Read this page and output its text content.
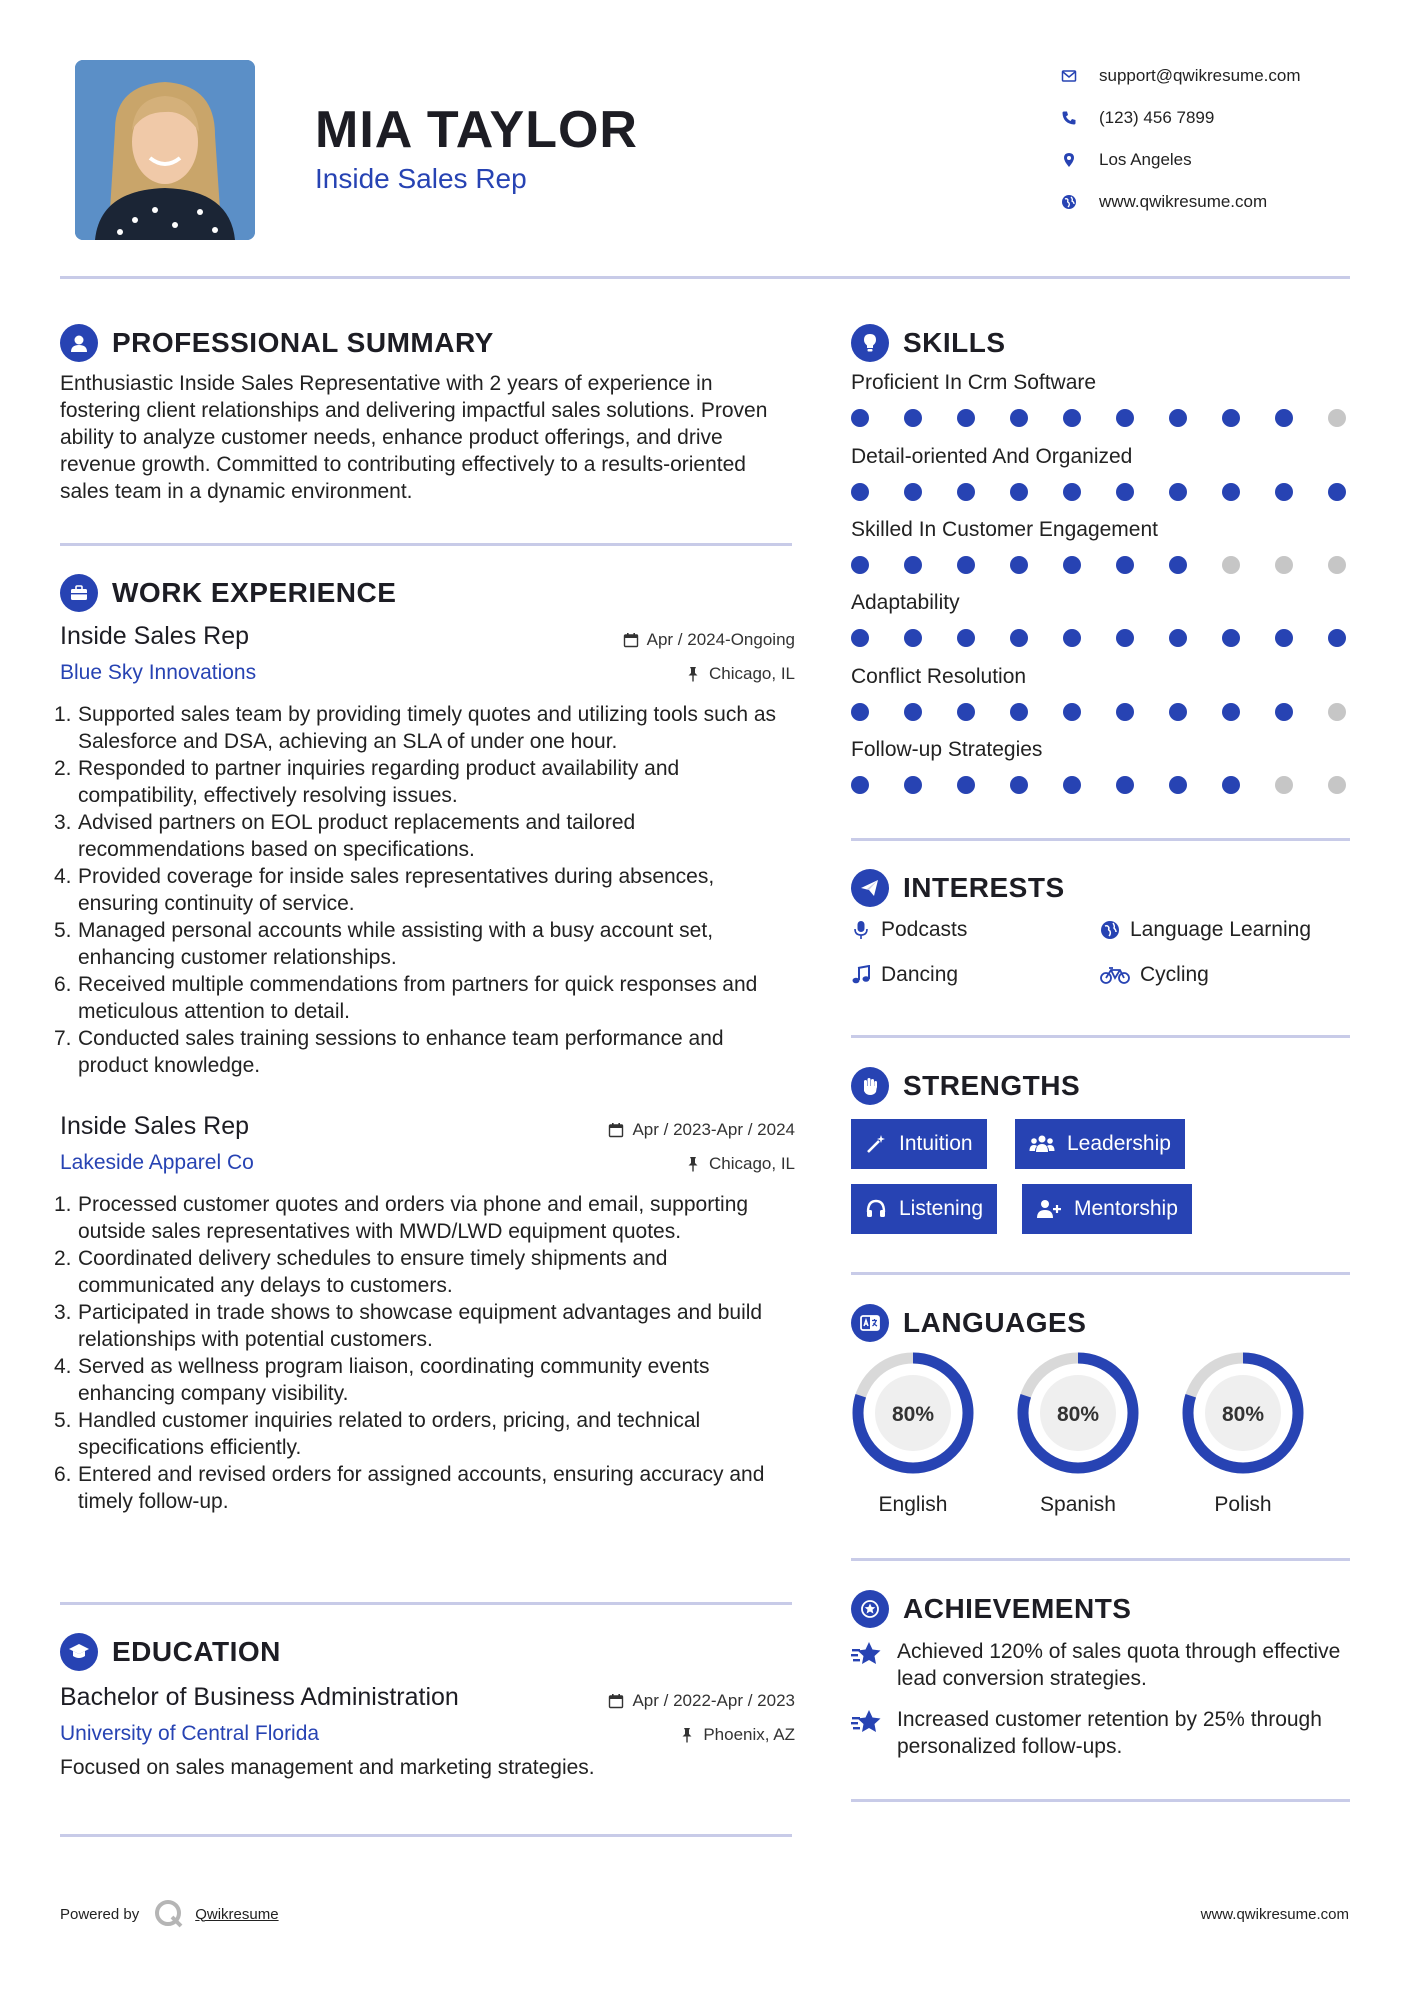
MIA TAYLOR
Inside Sales Rep
support@qwikresume.com
(123) 456 7899
Los Angeles
www.qwikresume.com
PROFESSIONAL SUMMARY
Enthusiastic Inside Sales Representative with 2 years of experience in fostering client relationships and delivering impactful sales solutions. Proven ability to analyze customer needs, enhance product offerings, and drive revenue growth. Committed to contributing effectively to a results-oriented sales team in a dynamic environment.
WORK EXPERIENCE
Inside Sales Rep	Apr / 2024-Ongoing
Blue Sky Innovations	Chicago, IL
1. Supported sales team by providing timely quotes and utilizing tools such as Salesforce and DSA, achieving an SLA of under one hour.
2. Responded to partner inquiries regarding product availability and compatibility, effectively resolving issues.
3. Advised partners on EOL product replacements and tailored recommendations based on specifications.
4. Provided coverage for inside sales representatives during absences, ensuring continuity of service.
5. Managed personal accounts while assisting with a busy account set, enhancing customer relationships.
6. Received multiple commendations from partners for quick responses and meticulous attention to detail.
7. Conducted sales training sessions to enhance team performance and product knowledge.
Inside Sales Rep	Apr / 2023-Apr / 2024
Lakeside Apparel Co	Chicago, IL
1. Processed customer quotes and orders via phone and email, supporting outside sales representatives with MWD/LWD equipment quotes.
2. Coordinated delivery schedules to ensure timely shipments and communicated any delays to customers.
3. Participated in trade shows to showcase equipment advantages and build relationships with potential customers.
4. Served as wellness program liaison, coordinating community events enhancing company visibility.
5. Handled customer inquiries related to orders, pricing, and technical specifications efficiently.
6. Entered and revised orders for assigned accounts, ensuring accuracy and timely follow-up.
EDUCATION
Bachelor of Business Administration	Apr / 2022-Apr / 2023
University of Central Florida	Phoenix, AZ
Focused on sales management and marketing strategies.
SKILLS
Proficient In Crm Software
Detail-oriented And Organized
Skilled In Customer Engagement
Adaptability
Conflict Resolution
Follow-up Strategies
INTERESTS
Podcasts	Language Learning
Dancing	Cycling
STRENGTHS
Intuition	Leadership
Listening	Mentorship
LANGUAGES
80%
English
80%
Spanish
80%
Polish
ACHIEVEMENTS
Achieved 120% of sales quota through effective lead conversion strategies.
Increased customer retention by 25% through personalized follow-ups.
Powered by	Qwikresume	www.qwikresume.com
